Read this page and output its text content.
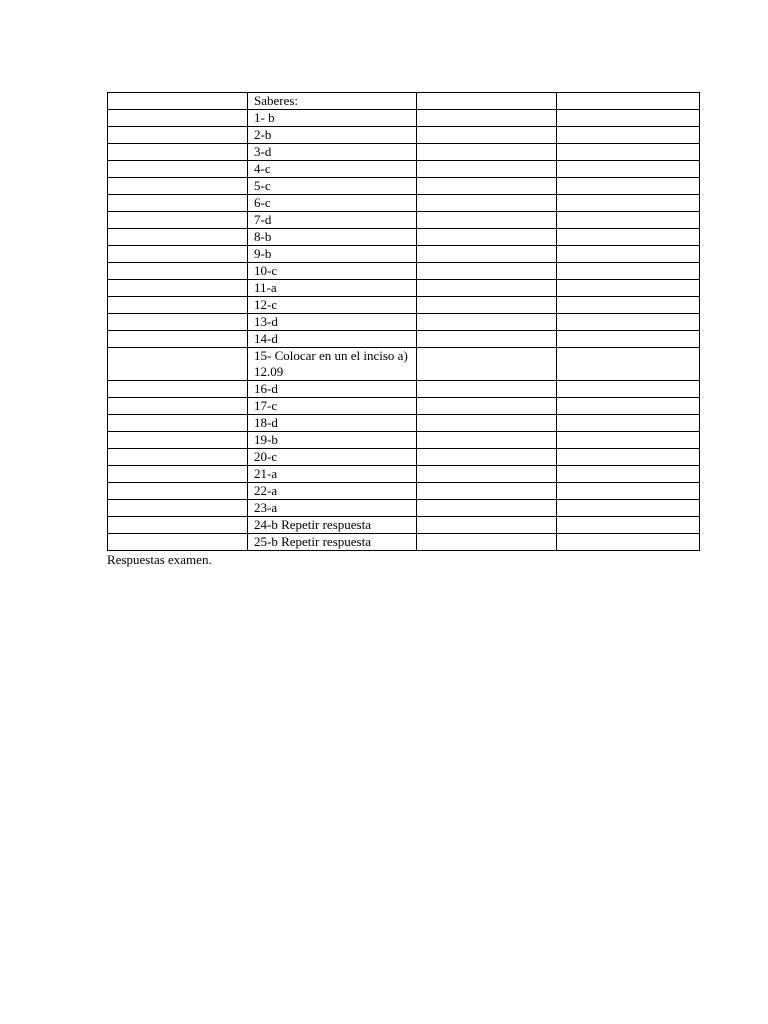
	Saberes:		
	1- b		
	2-b		
	3-d		
	4-c		
	5-c		
	6-c		
	7-d		
	8-b		
	9-b		
	10-c		
	11-a		
	12-c		
	13-d		
	14-d		
	15- Colocar en un el inciso a) 12.09		
	16-d		
	17-c		
	18-d		
	19-b		
	20-c		
	21-a		
	22-a		
	23-a		
	24-b Repetir respuesta		
	25-b Repetir respuesta		
Respuestas examen.
